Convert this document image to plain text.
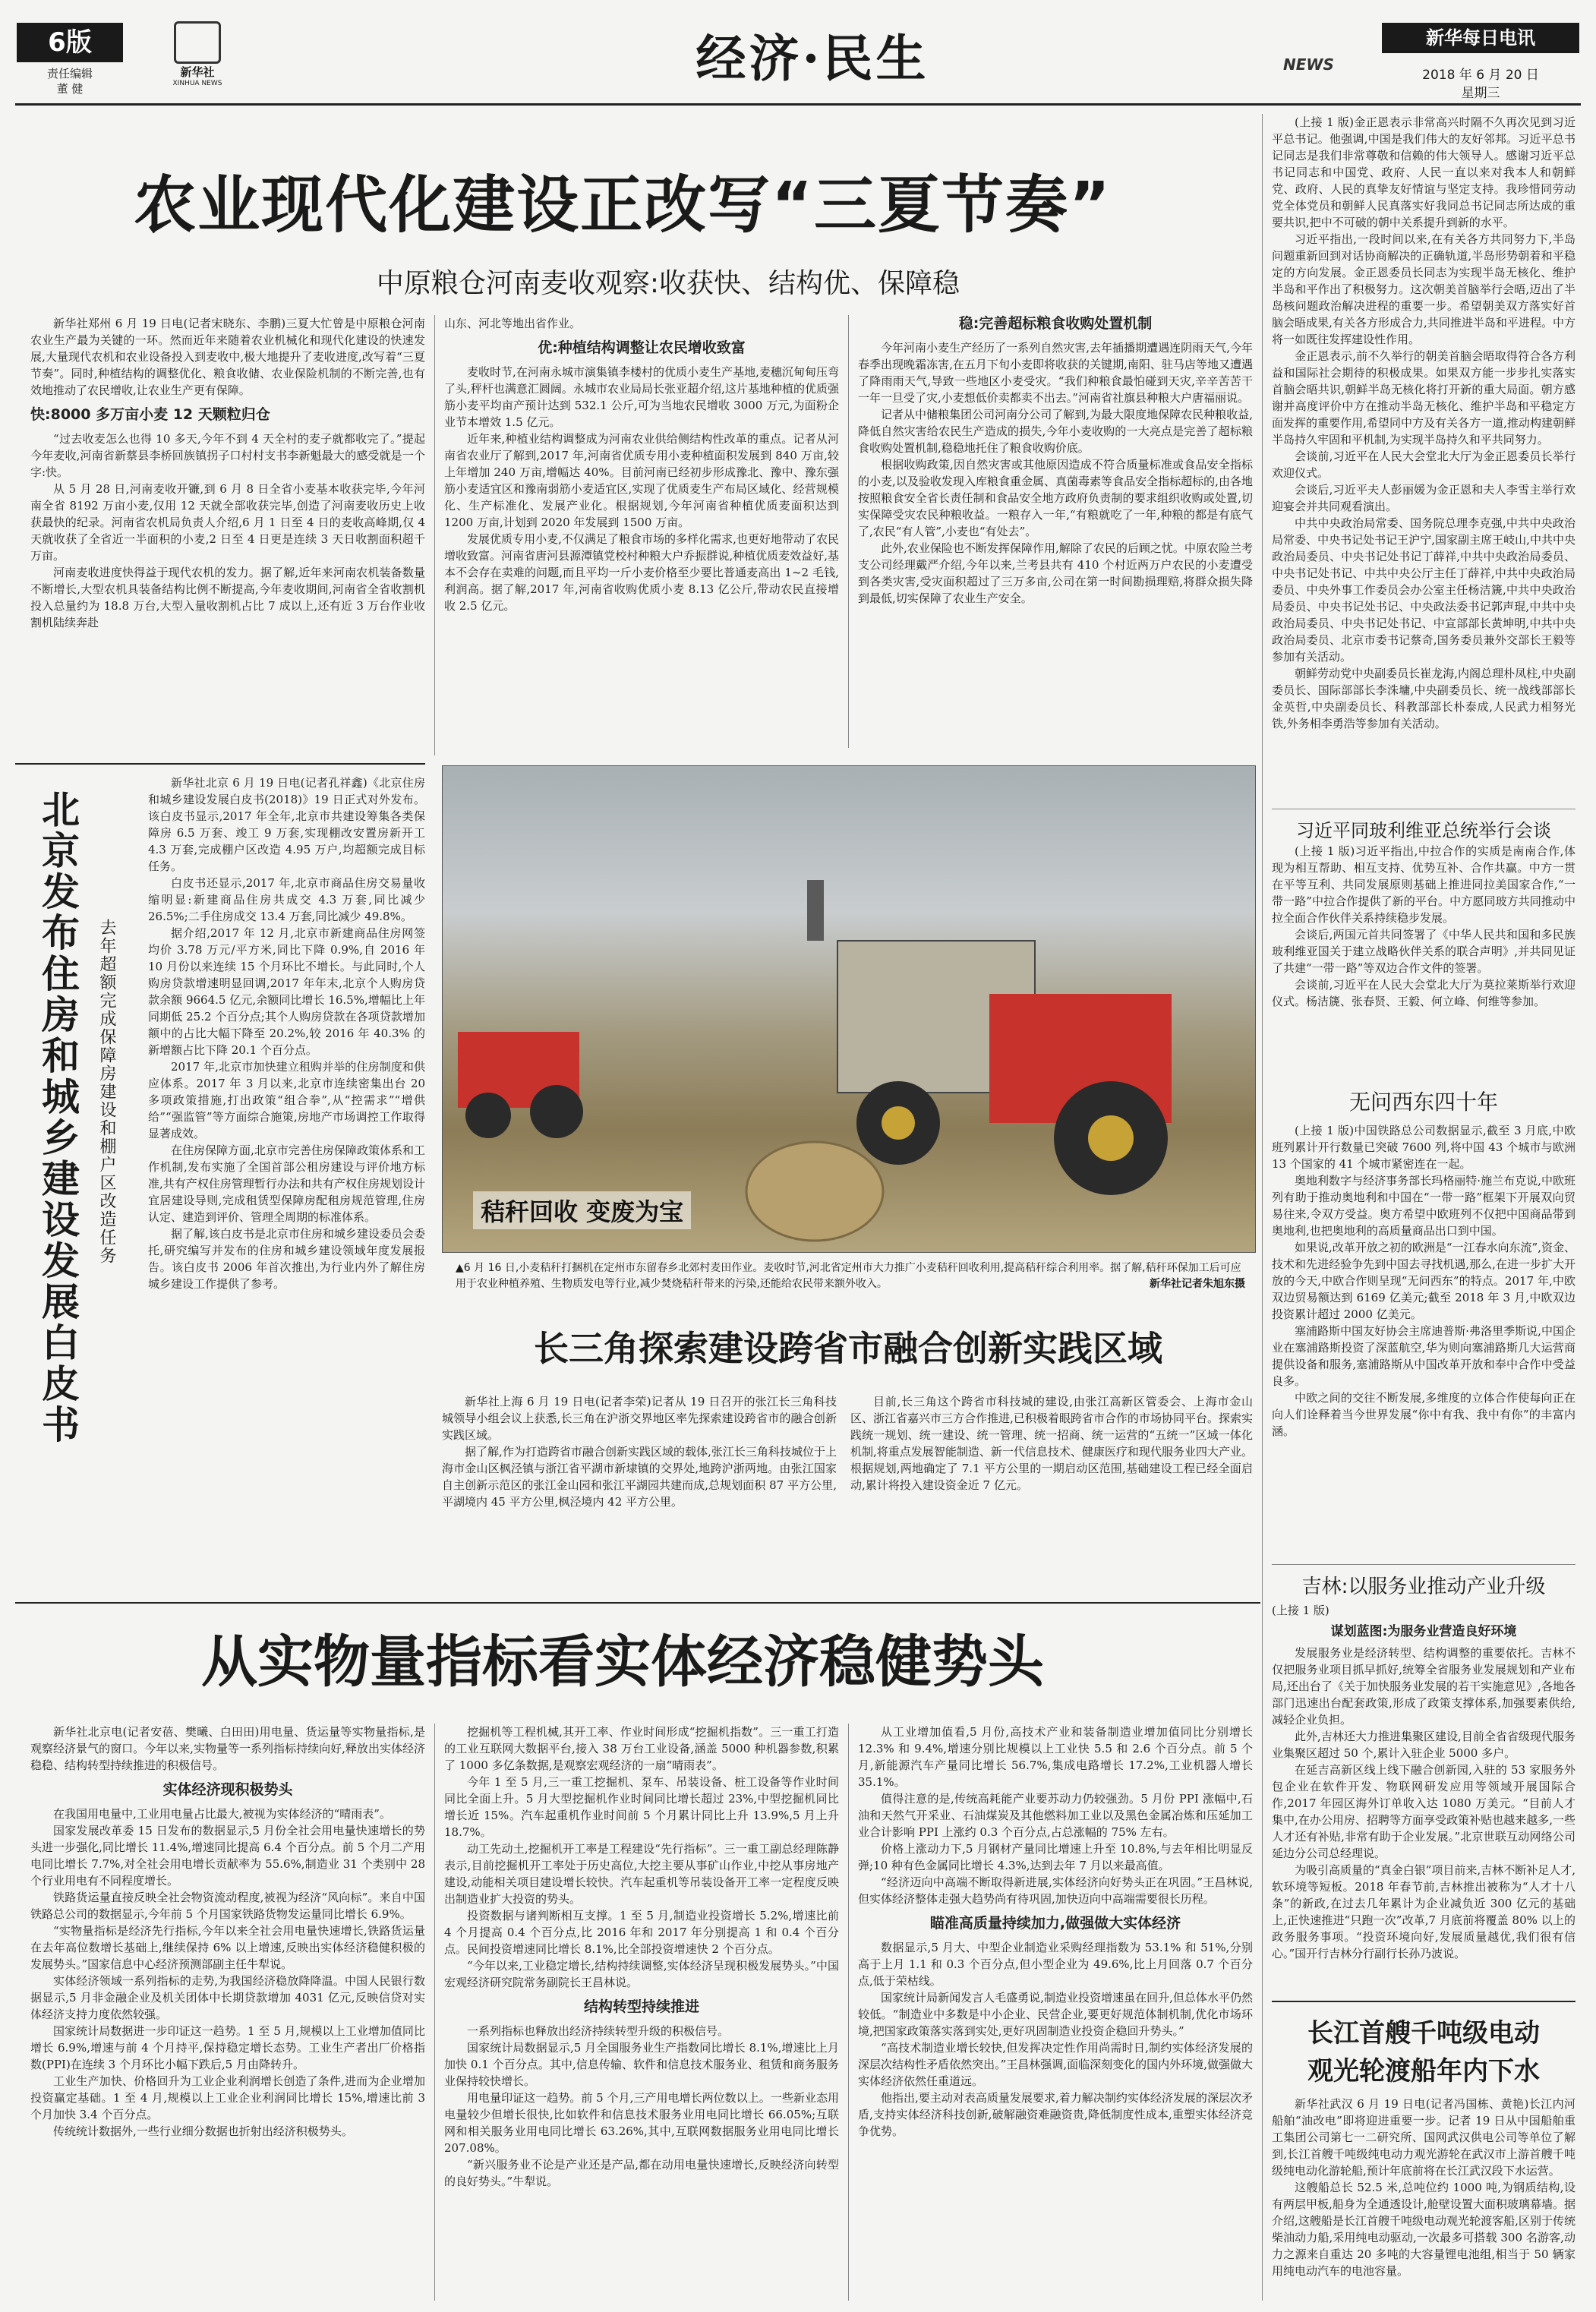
6版
责任编辑
董 健
新华社
XINHUA NEWS	经济·民生	NEWS
新华每日电讯
2018 年 6 月 20 日
星期三
农业现代化建设正改写“三夏节奏”
中原粮仓河南麦收观察:收获快、结构优、保障稳

新华社郑州 6 月 19 日电(记者宋晓东、李鹏)三夏大忙曾是中原粮仓河南农业生产最为关键的一环。然而近年来随着农业机械化和现代化建设的快速发展,大量现代农机和农业设备投入到麦收中,极大地提升了麦收进度,改写着“三夏节奏”。同时,种植结构的调整优化、粮食收储、农业保险机制的不断完善,也有效地推动了农民增收,让农业生产更有保障。

快:8000 多万亩小麦 12 天颗粒归仓

“过去收麦怎么也得 10 多天,今年不到 4 天全村的麦子就都收完了。”提起今年麦收,河南省新蔡县李桥回族镇拐子口村村支书李新魁最大的感受就是一个字:快。

从 5 月 28 日,河南麦收开镰,到 6 月 8 日全省小麦基本收获完毕,今年河南全省 8192 万亩小麦,仅用 12 天就全部收获完毕,创造了河南麦收历史上收获最快的纪录。河南省农机局负责人介绍,6 月 1 日至 4 日的麦收高峰期,仅 4 天就收获了全省近一半面积的小麦,2 日至 4 日更是连续 3 天日收割面积超千万亩。

河南麦收进度快得益于现代农机的发力。据了解,近年来河南农机装备数量不断增长,大型农机具装备结构比例不断提高,今年麦收期间,河南省全省收割机投入总量约为 18.8 万台,大型入量收割机占比 7 成以上,还有近 3 万台作业收割机陆续奔赴

山东、河北等地出省作业。

优:种植结构调整让农民增收致富

麦收时节,在河南永城市演集镇李楼村的优质小麦生产基地,麦穗沉甸甸压弯了头,秤杆也满意汇圆阔。永城市农业局局长张亚超介绍,这片基地种植的优质强筋小麦平均亩产预计达到 532.1 公斤,可为当地农民增收 3000 万元,为面粉企业节本增效 1.5 亿元。

近年来,种植业结构调整成为河南农业供给侧结构性改革的重点。记者从河南省农业厅了解到,2017 年,河南省优质专用小麦种植面积发展到 840 万亩,较上年增加 240 万亩,增幅达 40%。目前河南已经初步形成豫北、豫中、豫东强筋小麦适宜区和豫南弱筋小麦适宜区,实现了优质麦生产布局区域化、经营规模化、生产标准化、发展产业化。根据规划,今年河南省种植优质麦面积达到 1200 万亩,计划到 2020 年发展到 1500 万亩。

发展优质专用小麦,不仅满足了粮食市场的多样化需求,也更好地带动了农民增收致富。河南省唐河县源潭镇党校村种粮大户乔振群说,种植优质麦效益好,基本不会存在卖难的问题,而且平均一斤小麦价格至少要比普通麦高出 1~2 毛钱,利润高。据了解,2017 年,河南省收购优质小麦 8.13 亿公斤,带动农民直接增收 2.5 亿元。

稳:完善超标粮食收购处置机制

今年河南小麦生产经历了一系列自然灾害,去年插播期遭遇连阴雨天气,今年春季出现晚霜冻害,在五月下旬小麦即将收获的关键期,南阳、驻马店等地又遭遇了降雨雨天气,导致一些地区小麦受灾。“我们种粮食最怕碰到天灾,辛辛苦苦干一年一旦受了灾,小麦想低价卖都卖不出去。”河南省社旗县种粮大户唐福丽说。

记者从中储粮集团公司河南分公司了解到,为最大限度地保障农民种粮收益,降低自然灾害给农民生产造成的损失,今年小麦收购的一大亮点是完善了超标粮食收购处置机制,稳稳地托住了粮食收购价底。

根据收购政策,因自然灾害或其他原因造成不符合质量标准或食品安全指标的小麦,以及验收发现入库粮食重金属、真菌毒素等食品安全指标超标的,由各地按照粮食安全省长责任制和食品安全地方政府负责制的要求组织收购或处置,切实保障受灾农民种粮收益。一粮存入一年,“有粮就吃了一年,种粮的都是有底气了,农民“有人管”,小麦也“有处去”。

此外,农业保险也不断发挥保障作用,解除了农民的后顾之忧。中原农险兰考支公司经理戴严介绍,今年以来,兰考县共有 410 个村近两万户农民的小麦遭受到各类灾害,受灾面积超过了三万多亩,公司在第一时间勘损理赔,将群众损失降到最低,切实保障了农业生产安全。

北京发布住房和城乡建设发展白皮书	去年超额完成保障房建设和棚户区改造任务

新华社北京 6 月 19 日电(记者孔祥鑫)《北京住房和城乡建设发展白皮书(2018)》19 日正式对外发布。该白皮书显示,2017 年全年,北京市共建设筹集各类保障房 6.5 万套、竣工 9 万套,实现棚改安置房新开工 4.3 万套,完成棚户区改造 4.95 万户,均超额完成目标任务。

白皮书还显示,2017 年,北京市商品住房交易量收缩明显:新建商品住房共成交 4.3 万套,同比减少 26.5%;二手住房成交 13.4 万套,同比减少 49.8%。

据介绍,2017 年 12 月,北京市新建商品住房网签均价 3.78 万元/平方米,同比下降 0.9%,自 2016 年 10 月份以来连续 15 个月环比不增长。与此同时,个人购房贷款增速明显回调,2017 年年末,北京个人购房贷款余额 9664.5 亿元,余额同比增长 16.5%,增幅比上年同期低 25.2 个百分点;其个人购房贷款在各项贷款增加额中的占比大幅下降至 20.2%,较 2016 年 40.3% 的新增额占比下降 20.1 个百分点。

2017 年,北京市加快建立租购并举的住房制度和供应体系。2017 年 3 月以来,北京市连续密集出台 20 多项政策措施,打出政策“组合拳”,从“控需求”“增供给”“强监管”等方面综合施策,房地产市场调控工作取得显著成效。

在住房保障方面,北京市完善住房保障政策体系和工作机制,发布实施了全国首部公租房建设与评价地方标准,共有产权住房管理暂行办法和共有产权住房规划设计宜居建设导则,完成租赁型保障房配租房规范管理,住房认定、建造到评价、管理全周期的标准体系。

据了解,该白皮书是北京市住房和城乡建设委员会委托,研究编写并发布的住房和城乡建设领域年度发展报告。该白皮书 2006 年首次推出,为行业内外了解住房城乡建设工作提供了参考。

秸秆回收 变废为宝
▲6 月 16 日,小麦秸秆打捆机在定州市东留春乡北郊村麦田作业。麦收时节,河北省定州市大力推广小麦秸秆回收利用,提高秸秆综合利用率。据了解,秸秆环保加工后可应用于农业种植养殖、生物质发电等行业,减少焚烧秸秆带来的污染,还能给农民带来额外收入。	新华社记者朱旭东摄
长三角探索建设跨省市融合创新实践区域

新华社上海 6 月 19 日电(记者李荣)记者从 19 日召开的张江长三角科技城领导小组会议上获悉,长三角在沪浙交界地区率先探索建设跨省市的融合创新实践区域。

据了解,作为打造跨省市融合创新实践区域的载体,张江长三角科技城位于上海市金山区枫泾镇与浙江省平湖市新埭镇的交界处,地跨沪浙两地。由张江国家自主创新示范区的张江金山园和张江平湖园共建而成,总规划面积 87 平方公里,平湖境内 45 平方公里,枫泾境内 42 平方公里。

目前,长三角这个跨省市科技城的建设,由张江高新区管委会、上海市金山区、浙江省嘉兴市三方合作推进,已积极着眼跨省市合作的市场协同平台。探索实践统一规划、统一建设、统一管理、统一招商、统一运营的“五统一”区域一体化机制,将重点发展智能制造、新一代信息技术、健康医疗和现代服务业四大产业。根据规划,两地确定了 7.1 平方公里的一期启动区范围,基础建设工程已经全面启动,累计将投入建设资金近 7 亿元。

从实物量指标看实体经济稳健势头

新华社北京电(记者安蓓、樊曦、白田田)用电量、货运量等实物量指标,是观察经济景气的窗口。今年以来,实物量等一系列指标持续向好,释放出实体经济稳稳、结构转型持续推进的积极信号。

实体经济现积极势头

在我国用电量中,工业用电量占比最大,被视为实体经济的“晴雨表”。

国家发展改革委 15 日发布的数据显示,5 月份全社会用电量快速增长的势头进一步强化,同比增长 11.4%,增速同比提高 6.4 个百分点。前 5 个月二产用电同比增长 7.7%,对全社会用电增长贡献率为 55.6%,制造业 31 个类别中 28 个行业用电有不同程度增长。

铁路货运量直接反映全社会物资流动程度,被视为经济“风向标”。来自中国铁路总公司的数据显示,今年前 5 个月国家铁路货物发运量同比增长 6.9%。

“实物量指标是经济先行指标,今年以来全社会用电量快速增长,铁路货运量在去年高位数增长基础上,继续保持 6% 以上增速,反映出实体经济稳健积极的发展势头。”国家信息中心经济预测部副主任牛犁说。

实体经济领域一系列指标的走势,为我国经济稳放降降温。中国人民银行数据显示,5 月非金融企业及机关团体中长期贷款增加 4031 亿元,反映信贷对实体经济支持力度依然较强。

国家统计局数据进一步印证这一趋势。1 至 5 月,规模以上工业增加值同比增长 6.9%,增速与前 4 个月持平,保持稳定增长态势。工业生产者出厂价格指数(PPI)在连续 3 个月环比小幅下跌后,5 月由降转升。

工业生产加快、价格回升为工业企业利润增长创造了条件,进而为企业增加投资赢定基础。1 至 4 月,规模以上工业企业利润同比增长 15%,增速比前 3 个月加快 3.4 个百分点。

传统统计数据外,一些行业细分数据也折射出经济积极势头。

挖掘机等工程机械,其开工率、作业时间形成“挖掘机指数”。三一重工打造的工业互联网大数据平台,接入 38 万台工业设备,涵盖 5000 种机器参数,积累了 1000 多亿条数据,是观察宏观经济的一扇“晴雨表”。

今年 1 至 5 月,三一重工挖掘机、泵车、吊装设备、桩工设备等作业时间同比全面上升。5 月大型挖掘机作业时间同比增长超过 23%,中型挖掘机同比增长近 15%。汽车起重机作业时间前 5 个月累计同比上升 13.9%,5 月上升 18.7%。

动工先动土,挖掘机开工率是工程建设“先行指标”。三一重工副总经理陈静表示,目前挖掘机开工率处于历史高位,大挖主要从事矿山作业,中挖从事房地产建设,动能相关项目建设增长较快。汽车起重机等吊装设备开工率一定程度反映出制造业扩大投资的势头。

投资数据与诸判断相互支撑。1 至 5 月,制造业投资增长 5.2%,增速比前 4 个月提高 0.4 个百分点,比 2016 年和 2017 年分别提高 1 和 0.4 个百分点。民间投资增速同比增长 8.1%,比全部投资增速快 2 个百分点。

“今年以来,工业稳定增长,结构持续调整,实体经济呈现积极发展势头。”中国宏观经济研究院常务副院长王昌林说。

结构转型持续推进

一系列指标也释放出经济持续转型升级的积极信号。

国家统计局数据显示,5 月全国服务业生产指数同比增长 8.1%,增速比上月加快 0.1 个百分点。其中,信息传输、软件和信息技术服务业、租赁和商务服务业保持较快增长。

用电量印证这一趋势。前 5 个月,三产用电增长两位数以上。一些新业态用电量较少但增长很快,比如软件和信息技术服务业用电同比增长 66.05%;互联网和相关服务业用电同比增长 63.26%,其中,互联网数据服务业用电同比增长 207.08%。

“新兴服务业不论是产业还是产品,都在动用电量快速增长,反映经济向转型的良好势头。”牛犁说。

从工业增加值看,5 月份,高技术产业和装备制造业增加值同比分别增长 12.3% 和 9.4%,增速分别比规模以上工业快 5.5 和 2.6 个百分点。前 5 个月,新能源汽车产量同比增长 56.7%,集成电路增长 17.2%,工业机器人增长 35.1%。

值得注意的是,传统高耗能产业要苏动力仍较强劲。5 月份 PPI 涨幅中,石油和天然气开采业、石油煤炭及其他燃料加工业以及黑色金属冶炼和压延加工业合计影响 PPI 上涨约 0.3 个百分点,占总涨幅的 75% 左右。

价格上涨动力下,5 月钢材产量同比增速上升至 10.8%,与去年相比明显反弹;10 种有色金属同比增长 4.3%,达到去年 7 月以来最高值。

“经济迈向中高端不断取得新进展,实体经济向好势头正在巩固。”王昌林说,但实体经济整体走强大趋势尚有待巩固,加快迈向中高端需要很长历程。

瞄准高质量持续加力,做强做大实体经济

数据显示,5 月大、中型企业制造业采购经理指数为 53.1% 和 51%,分别高于上月 1.1 和 0.3 个百分点,但小型企业为 49.6%,比上月回落 0.7 个百分点,低于荣枯线。

国家统计局新闻发言人毛盛勇说,制造业投资增速虽在回升,但总体水平仍然较低。“制造业中多数是中小企业、民营企业,要更好规范体制机制,优化市场环境,把国家政策落实落到实处,更好巩固制造业投资企稳回升势头。”

“高技术制造业增长较快,但发挥决定性作用尚需时日,制约实体经济发展的深层次结构性矛盾依然突出。”王昌林强调,面临深刻变化的国内外环境,做强做大实体经济依然任重道远。

他指出,要主动对表高质量发展要求,着力解决制约实体经济发展的深层次矛盾,支持实体经济科技创新,破解融资难融资贵,降低制度性成本,重塑实体经济竞争优势。

(上接 1 版)金正恩表示非常高兴时隔不久再次见到习近平总书记。他强调,中国是我们伟大的友好邻邦。习近平总书记同志是我们非常尊敬和信赖的伟大领导人。感谢习近平总书记同志和中国党、政府、人民一直以来对我本人和朝鲜党、政府、人民的真挚友好情谊与坚定支持。我珍惜同劳动党全体党员和朝鲜人民真落实好我同总书记同志所达成的重要共识,把中不可破的朝中关系提升到新的水平。

习近平指出,一段时间以来,在有关各方共同努力下,半岛问题重新回到对话协商解决的正确轨道,半岛形势朝着和平稳定的方向发展。金正恩委员长同志为实现半岛无核化、维护半岛和平作出了积极努力。这次朝美首脑举行会晤,迈出了半岛核问题政治解决进程的重要一步。希望朝美双方落实好首脑会晤成果,有关各方形成合力,共同推进半岛和平进程。中方将一如既往发挥建设性作用。

金正恩表示,前不久举行的朝美首脑会晤取得符合各方利益和国际社会期待的积极成果。如果双方能一步步扎实落实首脑会晤共识,朝鲜半岛无核化将打开新的重大局面。朝方感谢并高度评价中方在推动半岛无核化、维护半岛和平稳定方面发挥的重要作用,希望同中方及有关各方一道,推动构建朝鲜半岛持久牢固和平机制,为实现半岛持久和平共同努力。

会谈前,习近平在人民大会堂北大厅为金正恩委员长举行欢迎仪式。

会谈后,习近平夫人彭丽媛为金正恩和夫人李雪主举行欢迎宴会并共同观看演出。

中共中央政治局常委、国务院总理李克强,中共中央政治局常委、中央书记处书记王沪宁,国家副主席王岐山,中共中央政治局委员、中央书记处书记丁薛祥,中共中央政治局委员、中央书记处书记、中共中央公厅主任丁薛祥,中共中央政治局委员、中央外事工作委员会办公室主任杨洁篪,中共中央政治局委员、中央书记处书记、中央政法委书记郭声琨,中共中央政治局委员、中央书记处书记、中宣部部长黄坤明,中共中央政治局委员、北京市委书记蔡奇,国务委员兼外交部长王毅等参加有关活动。

朝鲜劳动党中央副委员长崔龙海,内阁总理朴凤柱,中央副委员长、国际部部长李洙墉,中央副委员长、统一战线部部长金英哲,中央副委员长、科教部部长朴泰成,人民武力相努光铁,外务相李勇浩等参加有关活动。

习近平同玻利维亚总统举行会谈

(上接 1 版)习近平指出,中拉合作的实质是南南合作,体现为相互帮助、相互支持、优势互补、合作共赢。中方一贯在平等互利、共同发展原则基础上推进同拉美国家合作,“一带一路”中拉合作提供了新的平台。中方愿同玻方共同推动中拉全面合作伙伴关系持续稳步发展。

会谈后,两国元首共同签署了《中华人民共和国和多民族玻利维亚国关于建立战略伙伴关系的联合声明》,并共同见证了共建“一带一路”等双边合作文件的签署。

会谈前,习近平在人民大会堂北大厅为莫拉莱斯举行欢迎仪式。杨洁篪、张春贤、王毅、何立峰、何维等参加。

无问西东四十年

(上接 1 版)中国铁路总公司数据显示,截至 3 月底,中欧班列累计开行数量已突破 7600 列,将中国 43 个城市与欧洲 13 个国家的 41 个城市紧密连在一起。

奥地利数字与经济事务部长玛格丽特·施兰布克说,中欧班列有助于推动奥地利和中国在“一带一路”框架下开展双向贸易往来,令双方受益。奥方希望中欧班列不仅把中国商品带到奥地利,也把奥地利的高质量商品出口到中国。

如果说,改革开放之初的欧洲是“一江春水向东流”,资金、技术和先进经验争先到中国去寻找机遇,那么,在进一步扩大开放的今天,中欧合作则呈现“无问西东”的特点。2017 年,中欧双边贸易额达到 6169 亿美元;截至 2018 年 3 月,中欧双边投资累计超过 2000 亿美元。

塞浦路斯中国友好协会主席迪普斯·弗洛里季斯说,中国企业在塞浦路斯投资了深蓝航空,华为则向塞浦路斯几大运营商提供设备和服务,塞浦路斯从中国改革开放和奉中合作中受益良多。

中欧之间的交往不断发展,多维度的立体合作使每向正在向人们诠释着当今世界发展“你中有我、我中有你”的丰富内涵。

吉林:以服务业推动产业升级

(上接 1 版)

谋划蓝图:为服务业营造良好环境

发展服务业是经济转型、结构调整的重要依托。吉林不仅把服务业项目抓早抓好,统筹全省服务业发展规划和产业布局,还出台了《关于加快服务业发展的若干实施意见》,各地各部门迅速出台配套政策,形成了政策支撑体系,加强要素供给,减轻企业负担。

此外,吉林还大力推进集聚区建设,目前全省省级现代服务业集聚区超过 50 个,累计入驻企业 5000 多户。

在延吉高新区线上线下融合创新园,入驻的 53 家服务外包企业在软件开发、物联网研发应用等领域开展国际合作,2017 年园区海外订单收入达 1080 万美元。“目前人才集中,在办公用房、招聘等方面享受政策补贴也越来越多,一些人才还有补贴,非常有助于企业发展。”北京世联互动网络公司延边分公司总经理说。

为吸引高质量的“真金白银”项目前来,吉林不断补足人才,软环境等短板。2018 年春节前,吉林推出被称为“人才十八条”的新政,在过去几年累计为企业减负近 300 亿元的基础上,正快速推进“只跑一次”改革,7 月底前将覆盖 80% 以上的政务服务事项。“投资环境向好,发展质量越优,我们很有信心。”国开行吉林分行副行长孙乃波说。

长江首艘千吨级电动
观光轮渡船年内下水

新华社武汉 6 月 19 日电(记者冯国栋、黄艳)长江内河船舶“油改电”即将迎进重要一步。记者 19 日从中国船舶重工集团公司第七一二研究所、国网武汉供电公司等单位了解到,长江首艘千吨级纯电动力观光游轮在武汉市上游首艘千吨级纯电动化游轮船,预计年底前将在长江武汉段下水运营。

这艘船总长 52.5 米,总吨位约 1000 吨,为钢质结构,设有两层甲板,船身为全通透设计,舱壁设置大面积玻璃幕墙。据介绍,这艘船是长江首艘千吨级电动观光轮渡客船,区别于传统柴油动力船,采用纯电动驱动,一次最多可搭载 300 名游客,动力之源来自重达 20 多吨的大容量锂电池组,相当于 50 辆家用纯电动汽车的电池容量。
